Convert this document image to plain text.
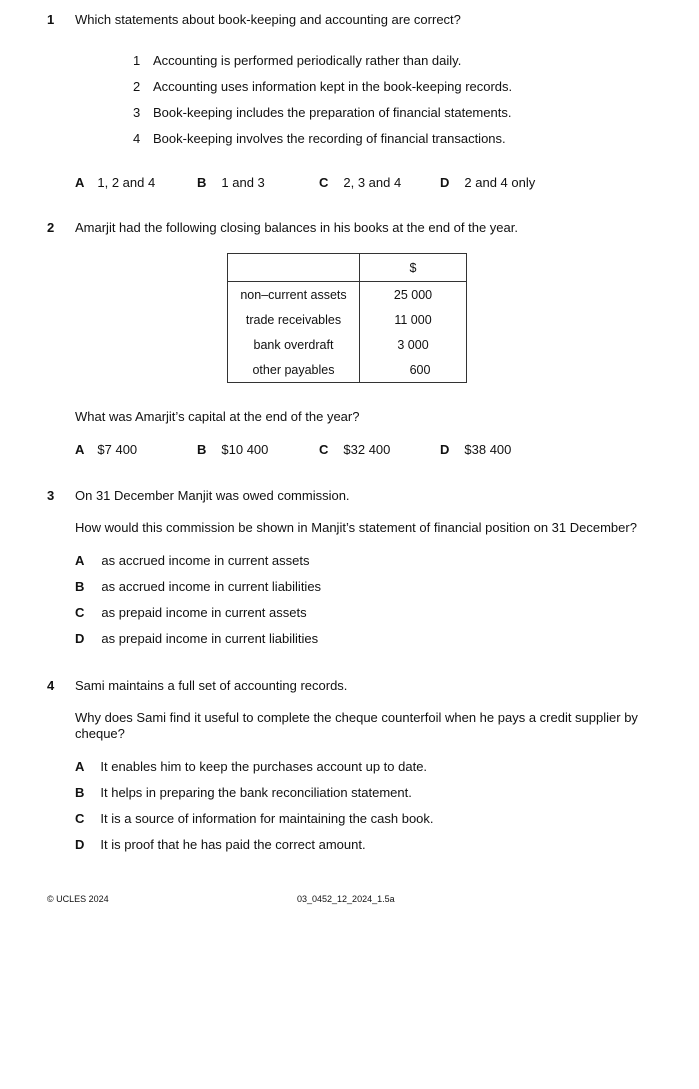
1 Which statements about book-keeping and accounting are correct?
1 Accounting is performed periodically rather than daily.
2 Accounting uses information kept in the book-keeping records.
3 Book-keeping includes the preparation of financial statements.
4 Book-keeping involves the recording of financial transactions.
A 1, 2 and 4	B 1 and 3	C 2, 3 and 4	D 2 and 4 only
2 Amarjit had the following closing balances in his books at the end of the year.
	$
non–current assets	25 000
trade receivables	11 000
bank overdraft	3 000
other payables	600
What was Amarjit’s capital at the end of the year?
A $7 400	B $10 400	C $32 400	D $38 400
3 On 31 December Manjit was owed commission.
How would this commission be shown in Manjit’s statement of financial position on 31 December?
A as accrued income in current assets
B as accrued income in current liabilities
C as prepaid income in current assets
D as prepaid income in current liabilities
4 Sami maintains a full set of accounting records.
Why does Sami find it useful to complete the cheque counterfoil when he pays a credit supplier by cheque?
A It enables him to keep the purchases account up to date.
B It helps in preparing the bank reconciliation statement.
C It is a source of information for maintaining the cash book.
D It is proof that he has paid the correct amount.
© UCLES 2024	03_0452_12_2024_1.5a
